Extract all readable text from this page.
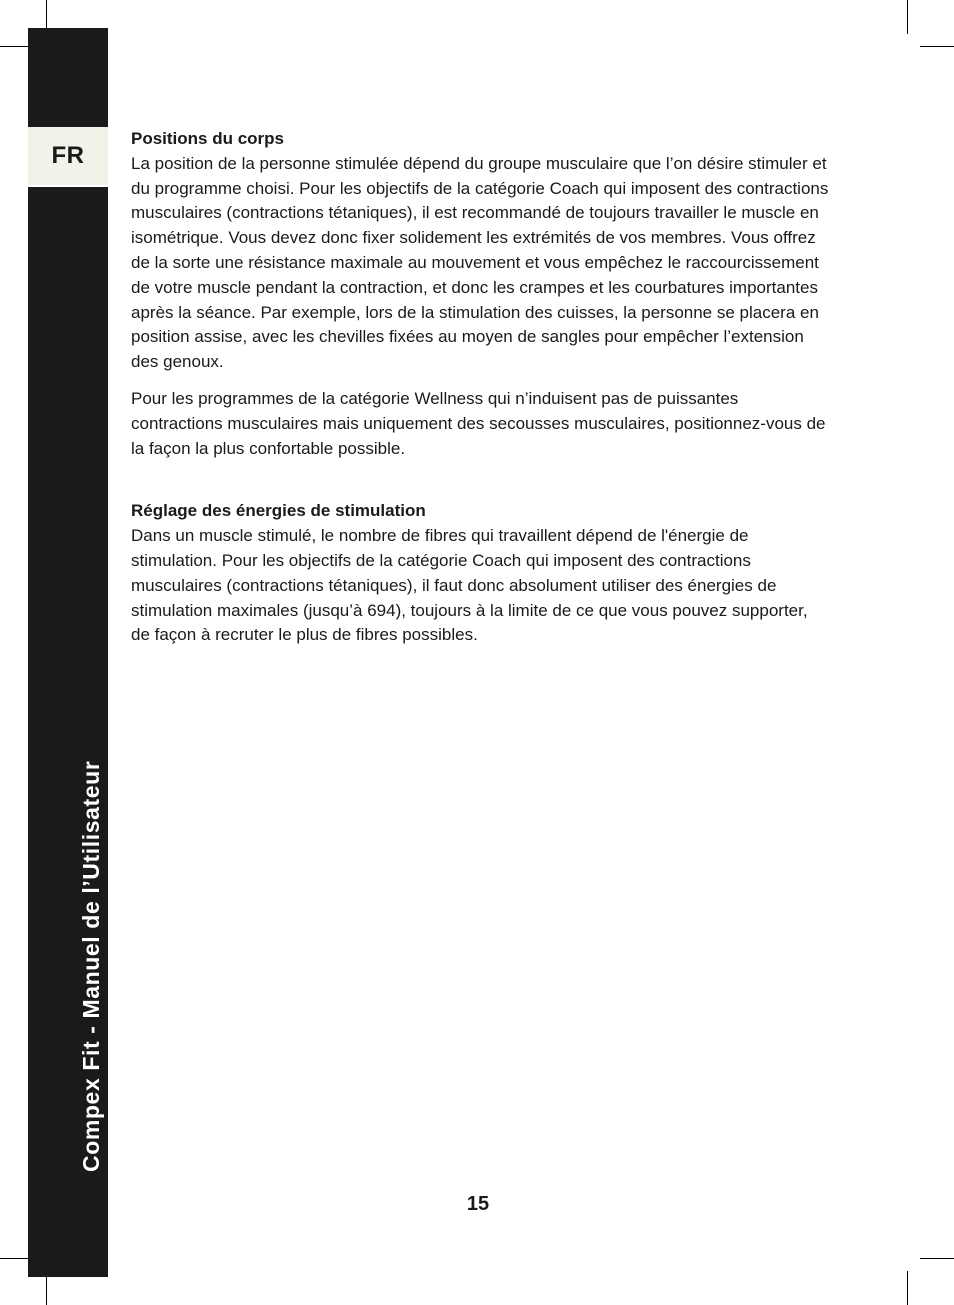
FR
Compex Fit - Manuel de l’Utilisateur
Positions du corps

La position de la personne stimulée dépend du groupe musculaire que l’on désire stimuler et du programme choisi. Pour les objectifs de la catégorie Coach qui imposent des contractions musculaires (contractions tétaniques), il est recommandé de toujours travailler le muscle en isométrique. Vous devez donc fixer solidement les extrémités de vos membres. Vous offrez de la sorte une résistance maximale au mouvement et vous empêchez le raccourcissement de votre muscle pendant la contraction, et donc les crampes et les courbatures importantes après la séance. Par exemple, lors de la stimulation des cuisses, la personne se placera en position assise, avec les chevilles fixées au moyen de sangles pour empêcher l’extension des genoux.

Pour les programmes de la catégorie Wellness qui n’induisent pas de puissantes contractions musculaires mais uniquement des secousses musculaires, positionnez-vous de la façon la plus confortable possible.

Réglage des énergies de stimulation

Dans un muscle stimulé, le nombre de fibres qui travaillent dépend de l'énergie de stimulation. Pour les objectifs de la catégorie Coach qui imposent des contractions musculaires (contractions tétaniques), il faut donc absolument utiliser des énergies de stimulation maximales (jusqu’à 694), toujours à la limite de ce que vous pouvez supporter, de façon à recruter le plus de fibres possibles.

15
